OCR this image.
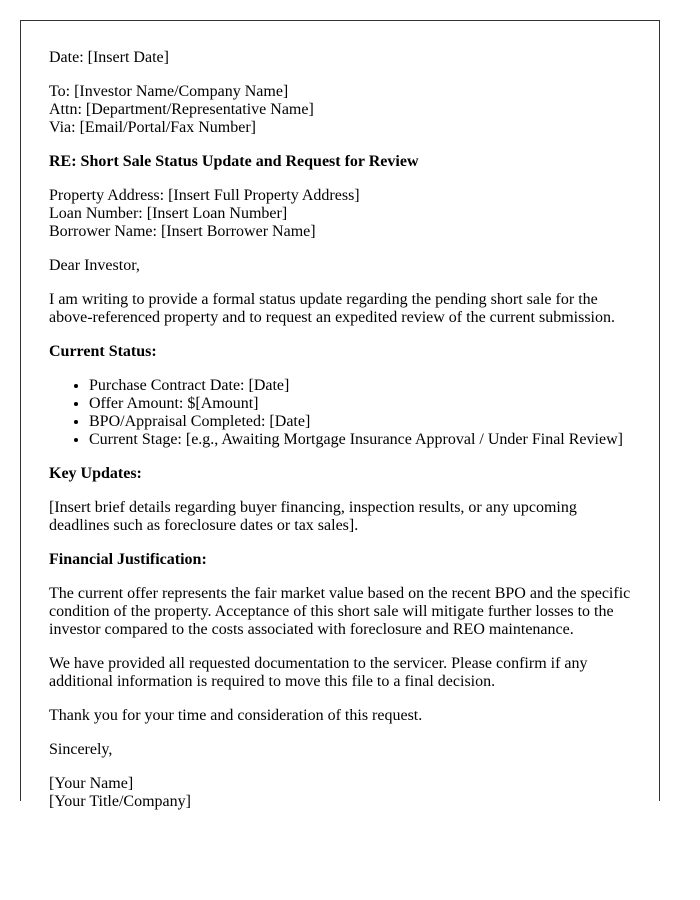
Date: [Insert Date]

To: [Investor Name/Company Name]
Attn: [Department/Representative Name]
Via: [Email/Portal/Fax Number]

RE: Short Sale Status Update and Request for Review

Property Address: [Insert Full Property Address]
Loan Number: [Insert Loan Number]
Borrower Name: [Insert Borrower Name]

Dear Investor,

I am writing to provide a formal status update regarding the pending short sale for the above-referenced property and to request an expedited review of the current submission.

Current Status:

• Purchase Contract Date: [Date]
• Offer Amount: $[Amount]
• BPO/Appraisal Completed: [Date]
• Current Stage: [e.g., Awaiting Mortgage Insurance Approval / Under Final Review]

Key Updates:

[Insert brief details regarding buyer financing, inspection results, or any upcoming deadlines such as foreclosure dates or tax sales].

Financial Justification:

The current offer represents the fair market value based on the recent BPO and the specific condition of the property. Acceptance of this short sale will mitigate further losses to the investor compared to the costs associated with foreclosure and REO maintenance.

We have provided all requested documentation to the servicer. Please confirm if any additional information is required to move this file to a final decision.

Thank you for your time and consideration of this request.

Sincerely,

[Your Name]
[Your Title/Company]
